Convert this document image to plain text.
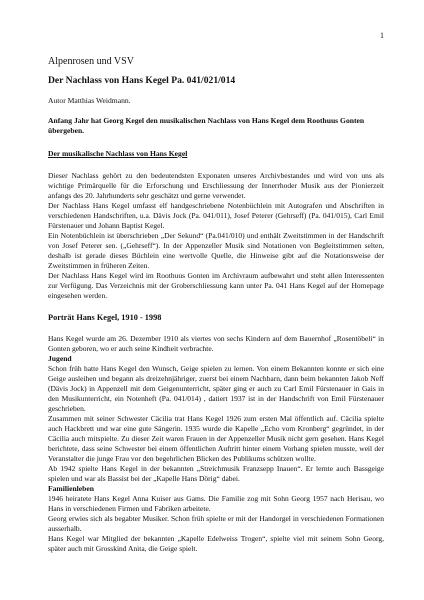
1

Alpenrosen und VSV

Der Nachlass von Hans Kegel Pa. 041/021/014

Autor Matthias Weidmann.

Anfang Jahr hat Georg Kegel den musikalischen Nachlass von Hans Kegel dem Roothuus Gonten übergeben.

Der musikalische Nachlass von Hans Kegel

Dieser Nachlass gehört zu den bedeutendsten Exponaten unseres Archivbestandes und wird von uns als wichtige Primärquelle für die Erforschung und Erschliessung der Innerrhoder Musik aus der Pionierzeit anfangs des 20. Jahrhunderts sehr geschätzt und gerne verwendet.

Der Nachlass Hans Kegel umfasst elf handgeschriebene Notenbüchlein mit Autografen und Abschriften in verschiedenen Handschriften, u.a. Dävis Jock (Pa. 041/011), Josef Peterer (Gehrseff) (Pa. 041/015), Carl Emil Fürstenauer und Johann Baptist Kegel.

Ein Notenbüchlein ist überschrieben „Der Sekund“ (Pa.041/010) und enthält Zweitstimmen in der Handschrift von Josef Peterer sen. („Gehrseff“). In der Appenzeller Musik sind Notationen von Begleitstimmen selten, deshalb ist gerade dieses Büchlein eine wertvolle Quelle, die Hinweise gibt auf die Notationsweise der Zweitstimmen in früheren Zeiten.

Der Nachlass Hans Kegel wird im Roothuus Gonten im Archivraum aufbewahrt und steht allen Interessenten zur Verfügung. Das Verzeichnis mit der Groberschliessung kann unter Pa. 041 Hans Kegel auf der Homepage eingesehen werden.

Porträt Hans Kegel, 1910 - 1998

Hans Kegel wurde am 26. Dezember 1910 als viertes von sechs Kindern auf dem Bauernhof „Rosentöbeli“ in Gonten geboren, wo er auch seine Kindheit verbrachte.

Jugend

Schon früh hatte Hans Kegel den Wunsch, Geige spielen zu lernen. Von einem Bekannten konnte er sich eine Geige ausleihen und begann als dreizehnjähriger, zuerst bei einem Nachbarn, dann beim bekannten Jakob Neff (Dävis Jock) in Appenzell mit dem Geigenunterricht, später ging er auch zu Carl Emil Fürstenauer in Gais in den Musikunterricht, ein Notenheft (Pa. 041/014) , datiert 1937 ist in der Handschrift von Emil Fürstenauer geschrieben.

Zusammen mit seiner Schwester Cäcilia trat Hans Kegel 1926 zum ersten Mal öffentlich auf. Cäcilia spielte auch Hackbrett und war eine gute Sängerin. 1935 wurde die Kapelle „Echo vom Kronberg“ gegründet, in der Cäcilia auch mitspielte. Zu dieser Zeit waren Frauen in der Appenzeller Musik nicht gern gesehen. Hans Kegel berichtete, dass seine Schwester bei einem öffentlichen Auftritt hinter einem Vorhang spielen musste, weil der Veranstalter die junge Frau vor den begehrlichen Blicken des Publikums schützen wollte.

Ab 1942 spielte Hans Kegel in der bekannten „Streichmusik Franzsepp Inauen“. Er lernte auch Bassgeige spielen und war als Bassist bei der „Kapelle Hans Dörig“ dabei.

Familienleben

1946 heiratete Hans Kegel Anna Kuiser aus Gams. Die Familie zog mit Sohn Georg 1957 nach Herisau, wo Hans in verschiedenen Firmen und Fabriken arbeitete.

Georg erwies sich als begabter Musiker. Schon früh spielte er mit der Handorgel in verschiedenen Formationen ausserhalb.

Hans Kegel war Mitglied der bekannten „Kapelle Edelweiss Trogen“, spielte viel mit seinem Sohn Georg, später auch mit Grosskind Anita, die Geige spielt.
